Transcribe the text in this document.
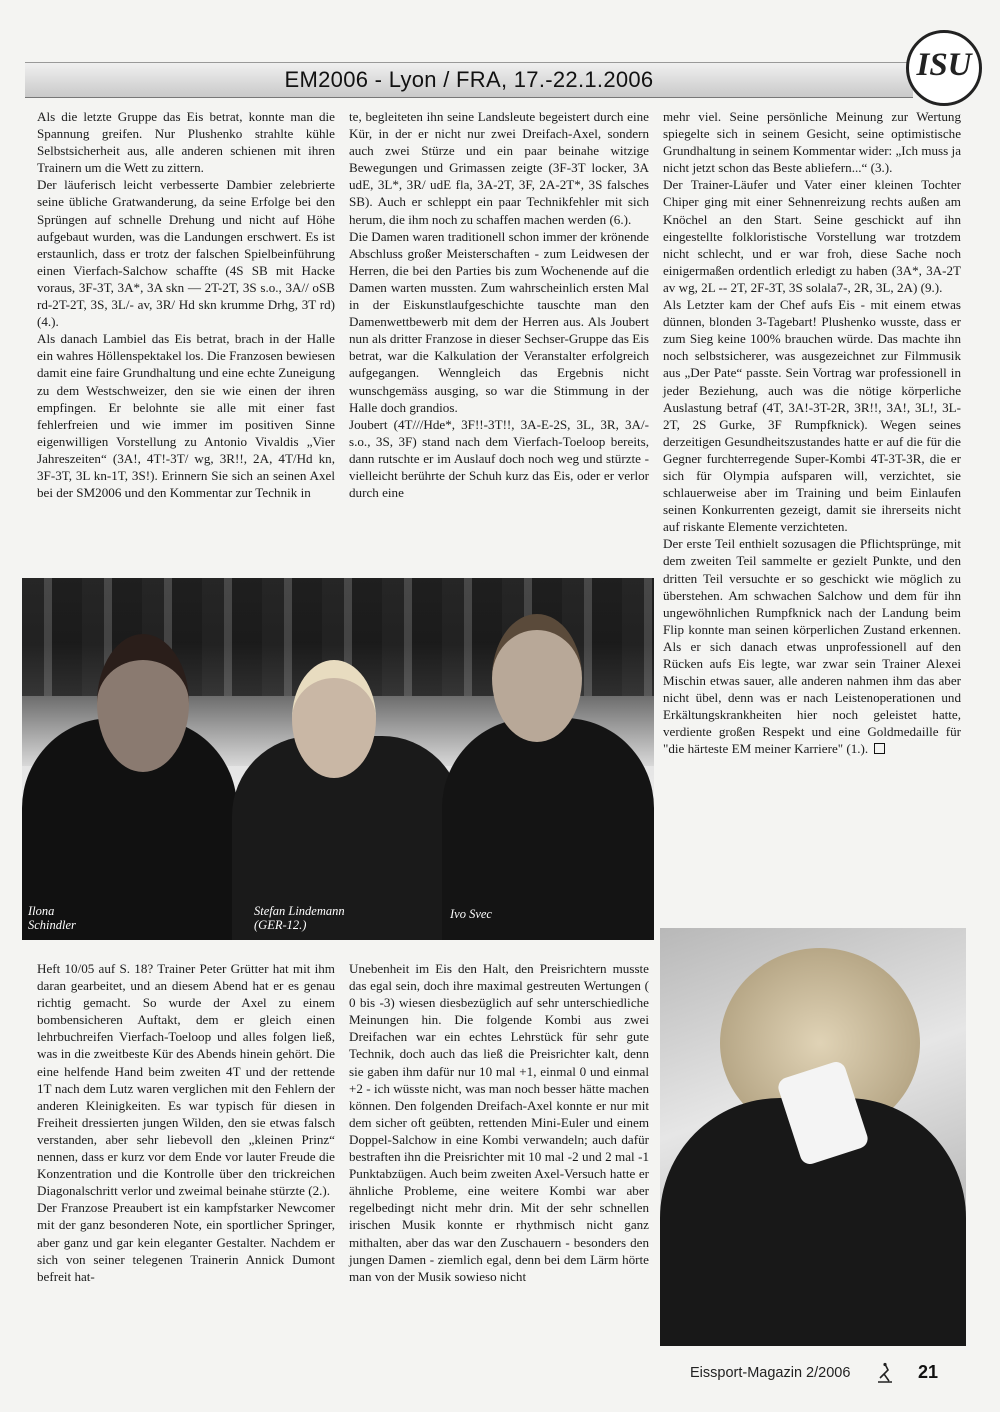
EM2006 - Lyon / FRA, 17.-22.1.2006	ISU

Als die letzte Gruppe das Eis betrat, konnte man die Spannung greifen. Nur Plushenko strahlte kühle Selbstsicherheit aus, alle anderen schienen mit ihren Trainern um die Wett zu zittern.

Der läuferisch leicht verbesserte Dambier zelebrierte seine übliche Gratwanderung, da seine Erfolge bei den Sprüngen auf schnelle Drehung und nicht auf Höhe aufgebaut wurden, was die Landungen erschwert. Es ist erstaunlich, dass er trotz der falschen Spielbeinführung einen Vierfach-Salchow schaffte (4S SB mit Hacke voraus, 3F-3T, 3A*, 3A skn — 2T-2T, 3S s.o., 3A// oSB rd-2T-2T, 3S, 3L/- av, 3R/ Hd skn krumme Drhg, 3T rd) (4.).

Als danach Lambiel das Eis betrat, brach in der Halle ein wahres Höllenspektakel los. Die Franzosen bewiesen damit eine faire Grundhaltung und eine echte Zuneigung zu dem Westschweizer, den sie wie einen der ihren empfingen. Er belohnte sie alle mit einer fast fehlerfreien und wie immer im positiven Sinne eigenwilligen Vorstellung zu Antonio Vivaldis „Vier Jahreszeiten“ (3A!, 4T!-3T/ wg, 3R!!, 2A, 4T/Hd kn, 3F-3T, 3L kn-1T, 3S!). Erinnern Sie sich an seinen Axel bei der SM2006 und den Kommentar zur Technik in

te, begleiteten ihn seine Landsleute begeistert durch eine Kür, in der er nicht nur zwei Dreifach-Axel, sondern auch zwei Stürze und ein paar beinahe witzige Bewegungen und Grimassen zeigte (3F-3T locker, 3A udE, 3L*, 3R/ udE fla, 3A-2T, 3F, 2A-2T*, 3S falsches SB). Auch er schleppt ein paar Technikfehler mit sich herum, die ihm noch zu schaffen machen werden (6.).

Die Damen waren traditionell schon immer der krönende Abschluss großer Meisterschaften - zum Leidwesen der Herren, die bei den Parties bis zum Wochenende auf die Damen warten mussten. Zum wahrscheinlich ersten Mal in der Eiskunstlaufgeschichte tauschte man den Damenwettbewerb mit dem der Herren aus. Als Joubert nun als dritter Franzose in dieser Sechser-Gruppe das Eis betrat, war die Kalkulation der Veranstalter erfolgreich aufgegangen. Wenngleich das Ergebnis nicht wunschgemäss ausging, so war die Stimmung in der Halle doch grandios.

Joubert (4T///Hde*, 3F!!-3T!!, 3A-E-2S, 3L, 3R, 3A/- s.o., 3S, 3F) stand nach dem Vierfach-Toeloop bereits, dann rutschte er im Auslauf doch noch weg und stürzte - vielleicht berührte der Schuh kurz das Eis, oder er verlor durch eine

mehr viel. Seine persönliche Meinung zur Wertung spiegelte sich in seinem Gesicht, seine optimistische Grundhaltung in seinem Kommentar wider: „Ich muss ja nicht jetzt schon das Beste abliefern...“ (3.).

Der Trainer-Läufer und Vater einer kleinen Tochter Chiper ging mit einer Sehnenreizung rechts außen am Knöchel an den Start. Seine geschickt auf ihn eingestellte folkloristische Vorstellung war trotzdem nicht schlecht, und er war froh, diese Sache noch einigermaßen ordentlich erledigt zu haben (3A*, 3A-2T av wg, 2L -- 2T, 2F-3T, 3S solala7-, 2R, 3L, 2A) (9.).

Als Letzter kam der Chef aufs Eis - mit einem etwas dünnen, blonden 3-Tagebart! Plushenko wusste, dass er zum Sieg keine 100% brauchen würde. Das machte ihn noch selbstsicherer, was ausgezeichnet zur Filmmusik aus „Der Pate“ passte. Sein Vortrag war professionell in jeder Beziehung, auch was die nötige körperliche Auslastung betraf (4T, 3A!-3T-2R, 3R!!, 3A!, 3L!, 3L-2T, 2S Gurke, 3F Rumpfknick). Wegen seines derzeitigen Gesundheitszustandes hatte er auf die für die Gegner furchterregende Super-Kombi 4T-3T-3R, die er sich für Olympia aufsparen will, verzichtet, sie schlauerweise aber im Training und beim Einlaufen seinen Konkurrenten gezeigt, damit sie ihrerseits nicht auf riskante Elemente verzichteten.

Der erste Teil enthielt sozusagen die Pflichtsprünge, mit dem zweiten Teil sammelte er gezielt Punkte, und den dritten Teil versuchte er so geschickt wie möglich zu überstehen. Am schwachen Salchow und dem für ihn ungewöhnlichen Rumpfknick nach der Landung beim Flip konnte man seinen körperlichen Zustand erkennen. Als er sich danach etwas unprofessionell auf den Rücken aufs Eis legte, war zwar sein Trainer Alexei Mischin etwas sauer, alle anderen nahmen ihm das aber nicht übel, denn was er nach Leistenoperationen und Erkältungskrankheiten hier noch geleistet hatte, verdiente großen Respekt und eine Goldmedaille für "die härteste EM meiner Karriere" (1.).

Ilona
Schindler
Stefan Lindemann
(GER-12.)
Ivo Svec

Heft 10/05 auf S. 18? Trainer Peter Grütter hat mit ihm daran gearbeitet, und an diesem Abend hat er es genau richtig gemacht. So wurde der Axel zu einem bombensicheren Auftakt, dem er gleich einen lehrbuchreifen Vierfach-Toeloop und alles folgen ließ, was in die zweitbeste Kür des Abends hinein gehört. Die eine helfende Hand beim zweiten 4T und der rettende 1T nach dem Lutz waren verglichen mit den Fehlern der anderen Kleinigkeiten. Es war typisch für diesen in Freiheit dressierten jungen Wilden, den sie etwas falsch verstanden, aber sehr liebevoll den „kleinen Prinz“ nennen, dass er kurz vor dem Ende vor lauter Freude die Konzentration und die Kontrolle über den trickreichen Diagonalschritt verlor und zweimal beinahe stürzte (2.).

Der Franzose Preaubert ist ein kampfstarker Newcomer mit der ganz besonderen Note, ein sportlicher Springer, aber ganz und gar kein eleganter Gestalter. Nachdem er sich von seiner telegenen Trainerin Annick Dumont befreit hat-

Unebenheit im Eis den Halt, den Preisrichtern musste das egal sein, doch ihre maximal gestreuten Wertungen ( 0 bis -3) wiesen diesbezüglich auf sehr unterschiedliche Meinungen hin. Die folgende Kombi aus zwei Dreifachen war ein echtes Lehrstück für sehr gute Technik, doch auch das ließ die Preisrichter kalt, denn sie gaben ihm dafür nur 10 mal +1, einmal 0 und einmal +2 - ich wüsste nicht, was man noch besser hätte machen können. Den folgenden Dreifach-Axel konnte er nur mit dem sicher oft geübten, rettenden Mini-Euler und einem Doppel-Salchow in eine Kombi verwandeln; auch dafür bestraften ihn die Preisrichter mit 10 mal -2 und 2 mal -1 Punktabzügen. Auch beim zweiten Axel-Versuch hatte er ähnliche Probleme, eine weitere Kombi war aber regelbedingt nicht mehr drin. Mit der sehr schnellen irischen Musik konnte er rhythmisch nicht ganz mithalten, aber das war den Zuschauern - besonders den jungen Damen - ziemlich egal, denn bei dem Lärm hörte man von der Musik sowieso nicht

Eissport-Magazin 2/2006	21
